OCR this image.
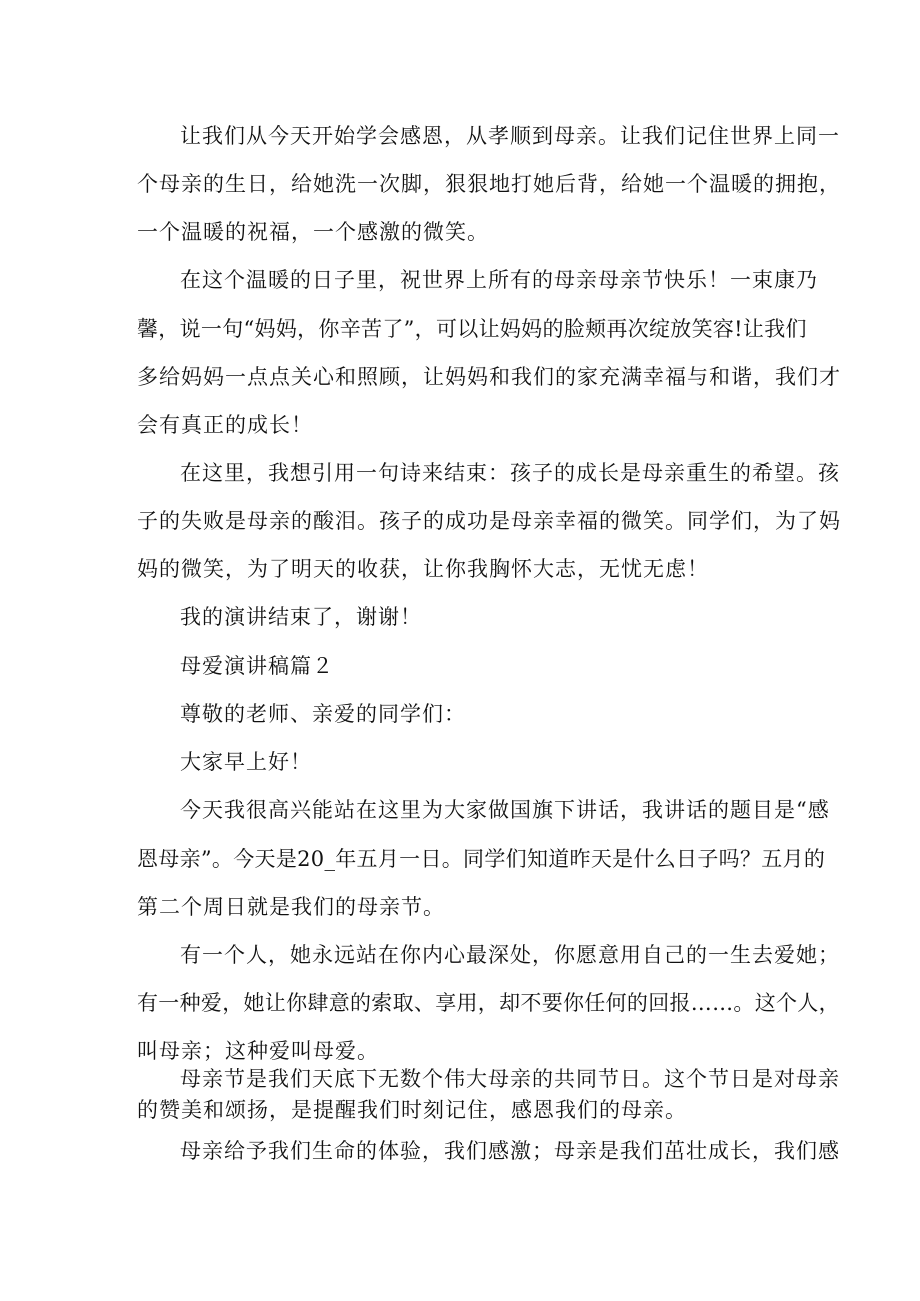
让我们从今天开始学会感恩，从孝顺到母亲。让我们记住世界上同一
个母亲的生日，给她洗一次脚，狠狠地打她后背，给她一个温暖的拥抱，
一个温暖的祝福，一个感激的微笑。
在这个温暖的日子里，祝世界上所有的母亲母亲节快乐！一束康乃
馨，说一句“妈妈，你辛苦了”，可以让妈妈的脸颊再次绽放笑容!让我们
多给妈妈一点点关心和照顾，让妈妈和我们的家充满幸福与和谐，我们才
会有真正的成长！
在这里，我想引用一句诗来结束：孩子的成长是母亲重生的希望。孩
子的失败是母亲的酸泪。孩子的成功是母亲幸福的微笑。同学们，为了妈
妈的微笑，为了明天的收获，让你我胸怀大志，无忧无虑！
我的演讲结束了，谢谢！
母爱演讲稿篇２
尊敬的老师、亲爱的同学们：
大家早上好！
今天我很高兴能站在这里为大家做国旗下讲话，我讲话的题目是“感
恩母亲”。今天是20_年五月一日。同学们知道昨天是什么日子吗？五月的
第二个周日就是我们的母亲节。
有一个人，她永远站在你内心最深处，你愿意用自己的一生去爱她；
有一种爱，她让你肆意的索取、享用，却不要你任何的回报……。这个人，
叫母亲；这种爱叫母爱。
母亲节是我们天底下无数个伟大母亲的共同节日。这个节日是对母亲
的赞美和颂扬，是提醒我们时刻记住，感恩我们的母亲。
母亲给予我们生命的体验，我们感激；母亲是我们茁壮成长，我们感
